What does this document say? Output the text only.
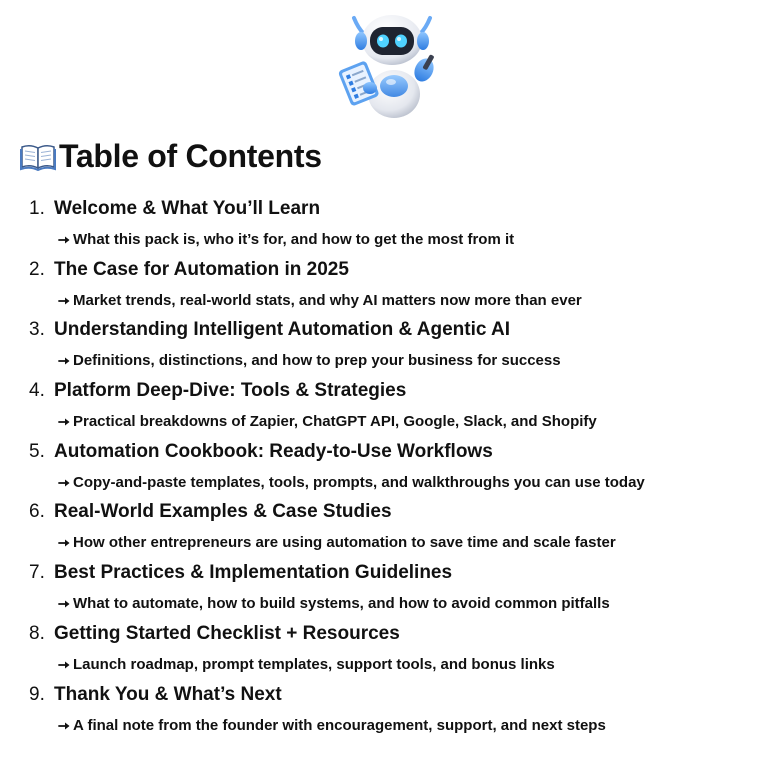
Table of Contents
1. Welcome & What You’ll Learn
What this pack is, who it’s for, and how to get the most from it
2. The Case for Automation in 2025
Market trends, real-world stats, and why AI matters now more than ever
3. Understanding Intelligent Automation & Agentic AI
Definitions, distinctions, and how to prep your business for success
4. Platform Deep-Dive: Tools & Strategies
Practical breakdowns of Zapier, ChatGPT API, Google, Slack, and Shopify
5. Automation Cookbook: Ready-to-Use Workflows
Copy-and-paste templates, tools, prompts, and walkthroughs you can use today
6. Real-World Examples & Case Studies
How other entrepreneurs are using automation to save time and scale faster
7. Best Practices & Implementation Guidelines
What to automate, how to build systems, and how to avoid common pitfalls
8. Getting Started Checklist + Resources
Launch roadmap, prompt templates, support tools, and bonus links
9. Thank You & What’s Next
A final note from the founder with encouragement, support, and next steps
